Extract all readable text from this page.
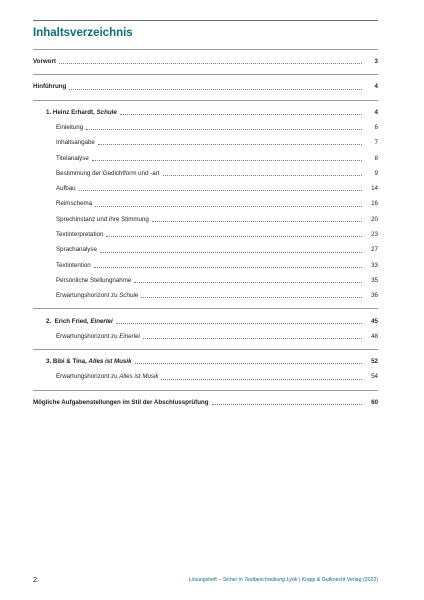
Inhaltsverzeichnis
Vorwort	3
Hinführung	4
1. Heinz Erhardt, Schule	4
Einleitung	6
Inhaltsangabe	7
Titelanalyse	8
Bestimmung der Gedichtform und -art	9
Aufbau	14
Reimschema	16
Sprechinstanz und ihre Stimmung	20
Textinterpretation	23
Sprachanalyse	27
Textintention	33
Persönliche Stellungnahme	35
Erwartungshorizont zu Schule	36
2.  Erich Fried, Einerlei	45
Erwartungshorizont zu Einerlei	48
3. Bibi & Tina, Alles ist Musik	52
Erwartungshorizont zu Alles ist Musik	54
Mögliche Aufgabenstellungen im Stil der Abschlussprüfung	60
2	Lösungsheft – Sicher in Textbeschreibung Lyrik | Krapp & Gutknecht Verlag (2022)
